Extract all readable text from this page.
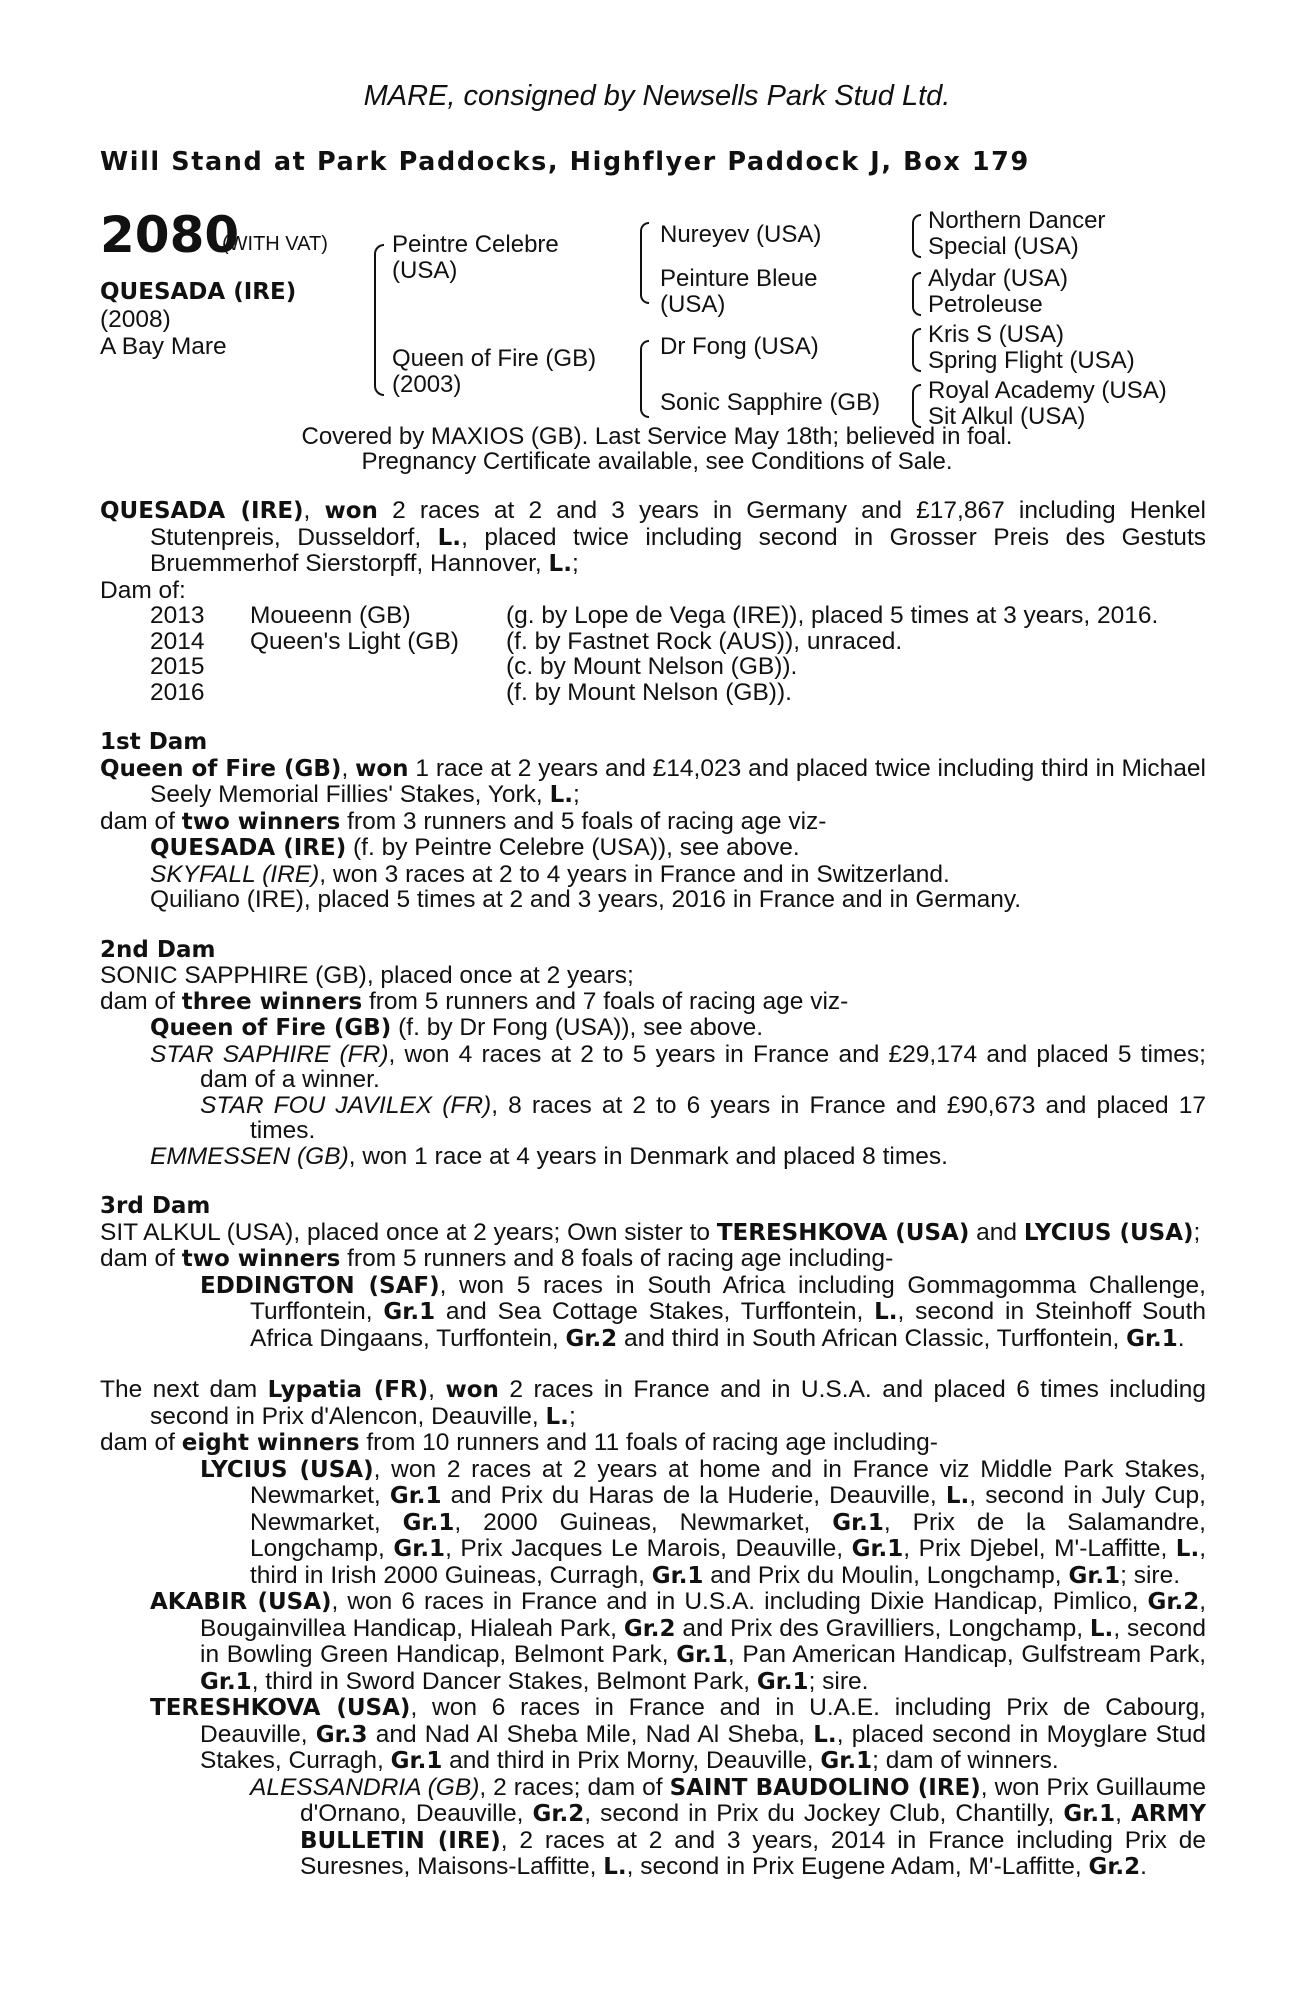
MARE, consigned by Newsells Park Stud Ltd.
Will Stand at Park Paddocks, Highflyer Paddock J, Box 179
2080
(WITH VAT)
QUESADA (IRE)
(2008)
A Bay Mare
Peintre Celebre
(USA)
Queen of Fire (GB)
(2003)
Nureyev (USA)
Peinture Bleue
(USA)
Dr Fong (USA)
Sonic Sapphire (GB)
Northern Dancer
Special (USA)
Alydar (USA)
Petroleuse
Kris S (USA)
Spring Flight (USA)
Royal Academy (USA)
Sit Alkul (USA)
Covered by MAXIOS (GB). Last Service May 18th; believed in foal.
Pregnancy Certificate available, see Conditions of Sale.

QUESADA (IRE), won 2 races at 2 and 3 years in Germany and £17,867 including Henkel Stutenpreis, Dusseldorf, L., placed twice including second in Grosser Preis des Gestuts Bruemmerhof Sierstorpff, Hannover, L.;

Dam of:

2013	Moueenn (GB)	(g. by Lope de Vega (IRE)), placed 5 times at 3 years, 2016.
2014	Queen's Light (GB)	(f. by Fastnet Rock (AUS)), unraced.
2015		(c. by Mount Nelson (GB)).
2016		(f. by Mount Nelson (GB)).

1st Dam

Queen of Fire (GB), won 1 race at 2 years and £14,023 and placed twice including third in Michael Seely Memorial Fillies' Stakes, York, L.;

dam of two winners from 3 runners and 5 foals of racing age viz-

QUESADA (IRE) (f. by Peintre Celebre (USA)), see above.

SKYFALL (IRE), won 3 races at 2 to 4 years in France and in Switzerland.

Quiliano (IRE), placed 5 times at 2 and 3 years, 2016 in France and in Germany.

2nd Dam

SONIC SAPPHIRE (GB), placed once at 2 years;

dam of three winners from 5 runners and 7 foals of racing age viz-

Queen of Fire (GB) (f. by Dr Fong (USA)), see above.

STAR SAPHIRE (FR), won 4 races at 2 to 5 years in France and £29,174 and placed 5 times; dam of a winner.

STAR FOU JAVILEX (FR), 8 races at 2 to 6 years in France and £90,673 and placed 17 times.

EMMESSEN (GB), won 1 race at 4 years in Denmark and placed 8 times.

3rd Dam

SIT ALKUL (USA), placed once at 2 years; Own sister to TERESHKOVA (USA) and LYCIUS (USA);

dam of two winners from 5 runners and 8 foals of racing age including-

EDDINGTON (SAF), won 5 races in South Africa including Gommagomma Challenge, Turffontein, Gr.1 and Sea Cottage Stakes, Turffontein, L., second in Steinhoff South Africa Dingaans, Turffontein, Gr.2 and third in South African Classic, Turffontein, Gr.1.

The next dam Lypatia (FR), won 2 races in France and in U.S.A. and placed 6 times including second in Prix d'Alencon, Deauville, L.;

dam of eight winners from 10 runners and 11 foals of racing age including-

LYCIUS (USA), won 2 races at 2 years at home and in France viz Middle Park Stakes, Newmarket, Gr.1 and Prix du Haras de la Huderie, Deauville, L., second in July Cup, Newmarket, Gr.1, 2000 Guineas, Newmarket, Gr.1, Prix de la Salamandre, Longchamp, Gr.1, Prix Jacques Le Marois, Deauville, Gr.1, Prix Djebel, M'-Laffitte, L., third in Irish 2000 Guineas, Curragh, Gr.1 and Prix du Moulin, Longchamp, Gr.1; sire.

AKABIR (USA), won 6 races in France and in U.S.A. including Dixie Handicap, Pimlico, Gr.2, Bougainvillea Handicap, Hialeah Park, Gr.2 and Prix des Gravilliers, Longchamp, L., second in Bowling Green Handicap, Belmont Park, Gr.1, Pan American Handicap, Gulfstream Park, Gr.1, third in Sword Dancer Stakes, Belmont Park, Gr.1; sire.

TERESHKOVA (USA), won 6 races in France and in U.A.E. including Prix de Cabourg, Deauville, Gr.3 and Nad Al Sheba Mile, Nad Al Sheba, L., placed second in Moyglare Stud Stakes, Curragh, Gr.1 and third in Prix Morny, Deauville, Gr.1; dam of winners.

ALESSANDRIA (GB), 2 races; dam of SAINT BAUDOLINO (IRE), won Prix Guillaume d'Ornano, Deauville, Gr.2, second in Prix du Jockey Club, Chantilly, Gr.1, ARMY BULLETIN (IRE), 2 races at 2 and 3 years, 2014 in France including Prix de Suresnes, Maisons-Laffitte, L., second in Prix Eugene Adam, M'-Laffitte, Gr.2.
